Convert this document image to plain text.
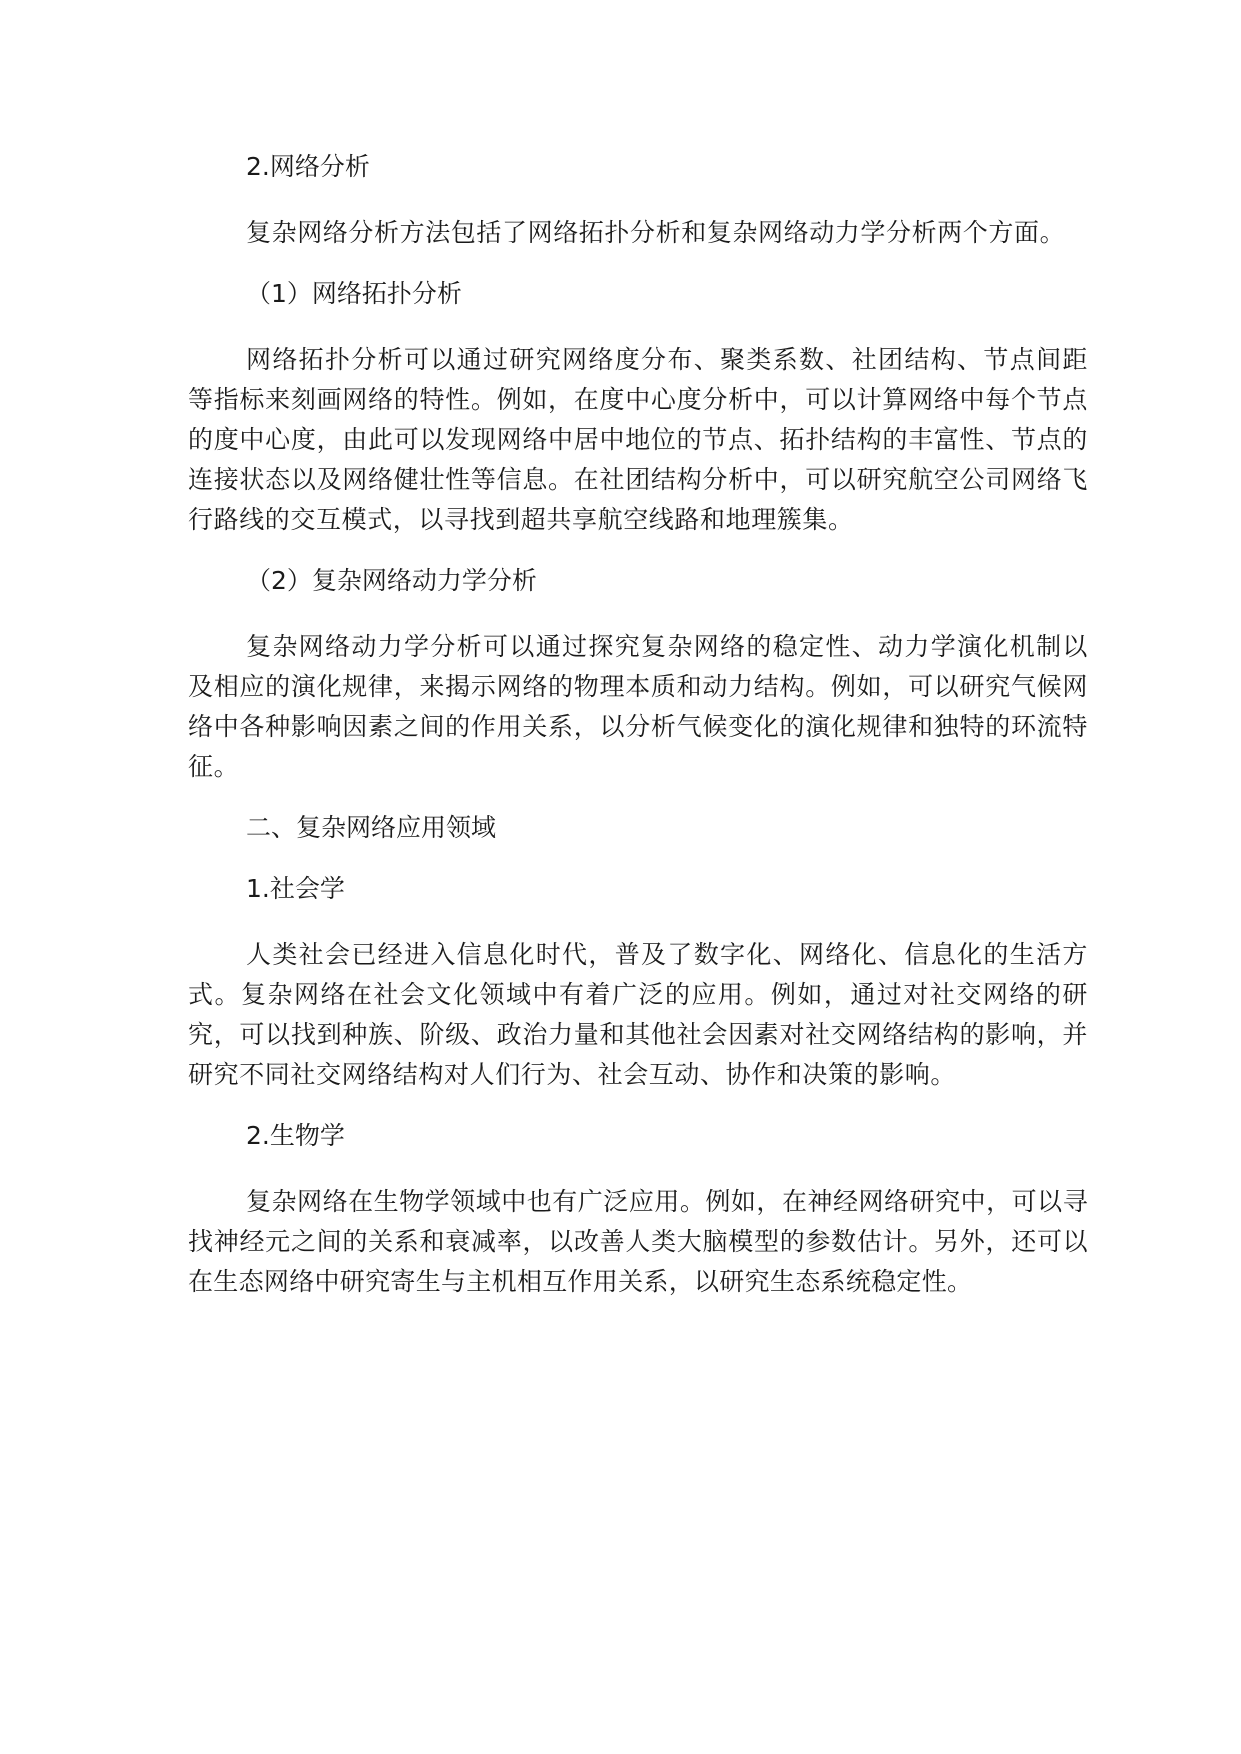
2.网络分析

复杂网络分析方法包括了网络拓扑分析和复杂网络动力学分析两个方面。

（1）网络拓扑分析

网络拓扑分析可以通过研究网络度分布、聚类系数、社团结构、节点间距等指标来刻画网络的特性。例如，在度中心度分析中，可以计算网络中每个节点的度中心度，由此可以发现网络中居中地位的节点、拓扑结构的丰富性、节点的连接状态以及网络健壮性等信息。在社团结构分析中，可以研究航空公司网络飞行路线的交互模式，以寻找到超共享航空线路和地理簇集。

（2）复杂网络动力学分析

复杂网络动力学分析可以通过探究复杂网络的稳定性、动力学演化机制以及相应的演化规律，来揭示网络的物理本质和动力结构。例如，可以研究气候网络中各种影响因素之间的作用关系，以分析气候变化的演化规律和独特的环流特征。

二、复杂网络应用领域
1.社会学

人类社会已经进入信息化时代，普及了数字化、网络化、信息化的生活方式。复杂网络在社会文化领域中有着广泛的应用。例如，通过对社交网络的研究，可以找到种族、阶级、政治力量和其他社会因素对社交网络结构的影响，并研究不同社交网络结构对人们行为、社会互动、协作和决策的影响。

2.生物学

复杂网络在生物学领域中也有广泛应用。例如，在神经网络研究中，可以寻找神经元之间的关系和衰减率，以改善人类大脑模型的参数估计。另外，还可以在生态网络中研究寄生与主机相互作用关系，以研究生态系统稳定性。
